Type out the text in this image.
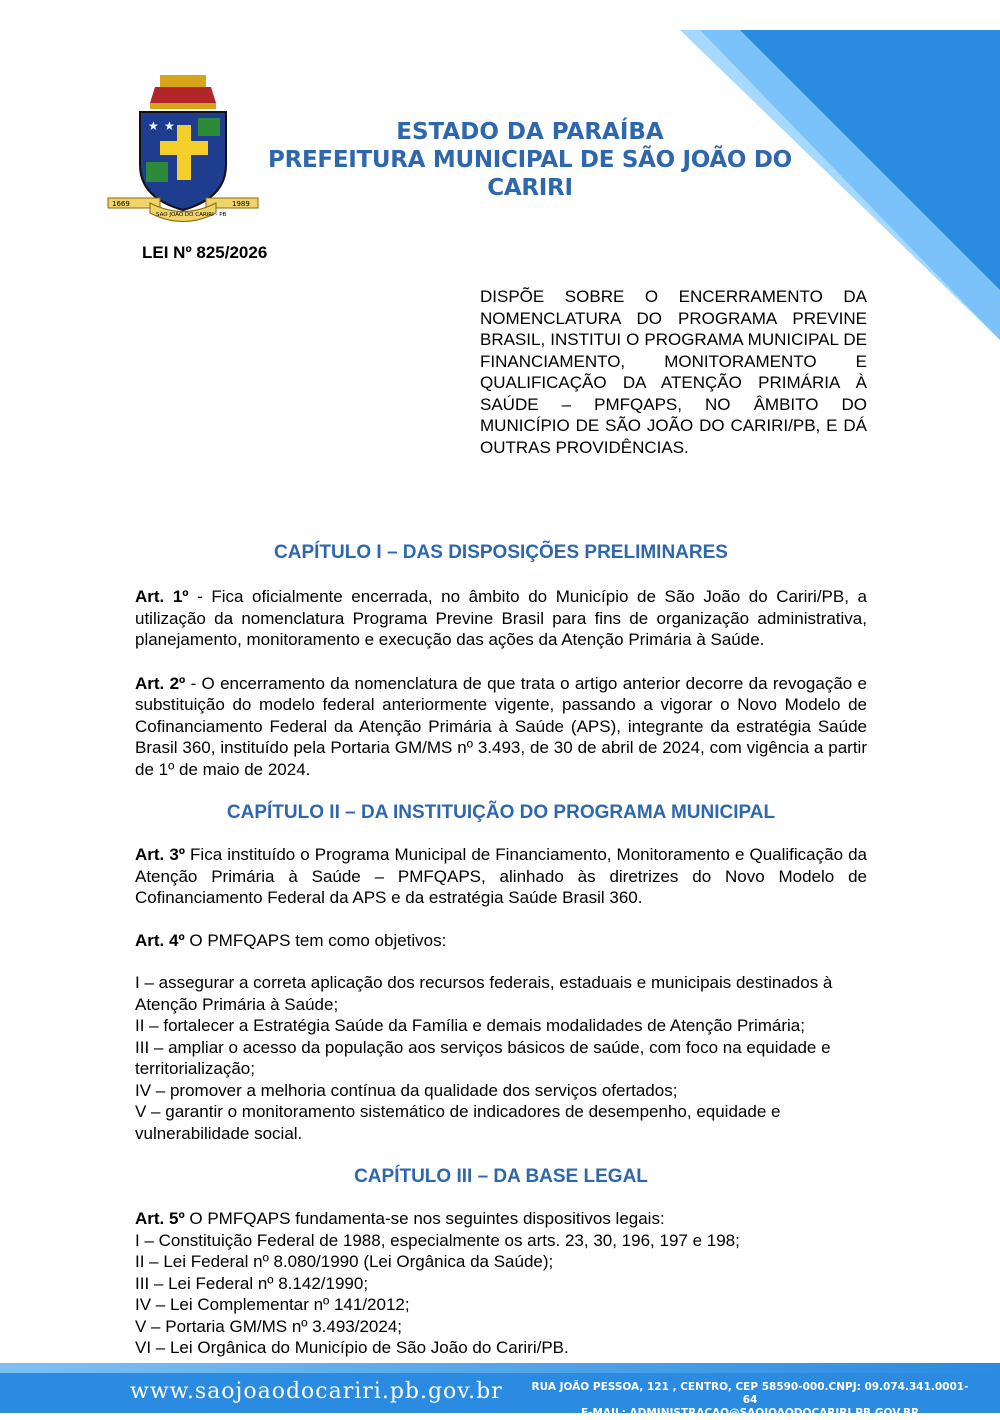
★ ★
1669	1989
SÃO JOÃO DO CARIRI - PB
ESTADO DA PARAÍBA
PREFEITURA MUNICIPAL DE SÃO JOÃO DO CARIRI
LEI Nº 825/2026
DISPÕE SOBRE O ENCERRAMENTO DA NOMENCLATURA DO PROGRAMA PREVINE BRASIL, INSTITUI O PROGRAMA MUNICIPAL DE FINANCIAMENTO, MONITORAMENTO E QUALIFICAÇÃO DA ATENÇÃO PRIMÁRIA À SAÚDE – PMFQAPS, NO ÂMBITO DO MUNICÍPIO DE SÃO JOÃO DO CARIRI/PB, E DÁ OUTRAS PROVIDÊNCIAS.

CAPÍTULO I – DAS DISPOSIÇÕES PRELIMINARES

Art. 1º - Fica oficialmente encerrada, no âmbito do Município de São João do Cariri/PB, a utilização da nomenclatura Programa Previne Brasil para fins de organização administrativa, planejamento, monitoramento e execução das ações da Atenção Primária à Saúde.

Art. 2º - O encerramento da nomenclatura de que trata o artigo anterior decorre da revogação e substituição do modelo federal anteriormente vigente, passando a vigorar o Novo Modelo de Cofinanciamento Federal da Atenção Primária à Saúde (APS), integrante da estratégia Saúde Brasil 360, instituído pela Portaria GM/MS nº 3.493, de 30 de abril de 2024, com vigência a partir de 1º de maio de 2024.

CAPÍTULO II – DA INSTITUIÇÃO DO PROGRAMA MUNICIPAL

Art. 3º Fica instituído o Programa Municipal de Financiamento, Monitoramento e Qualificação da Atenção Primária à Saúde – PMFQAPS, alinhado às diretrizes do Novo Modelo de Cofinanciamento Federal da APS e da estratégia Saúde Brasil 360.

Art. 4º O PMFQAPS tem como objetivos:

I – assegurar a correta aplicação dos recursos federais, estaduais e municipais destinados à Atenção Primária à Saúde;

II – fortalecer a Estratégia Saúde da Família e demais modalidades de Atenção Primária;

III – ampliar o acesso da população aos serviços básicos de saúde, com foco na equidade e territorialização;

IV – promover a melhoria contínua da qualidade dos serviços ofertados;

V – garantir o monitoramento sistemático de indicadores de desempenho, equidade e vulnerabilidade social.

CAPÍTULO III – DA BASE LEGAL

Art. 5º O PMFQAPS fundamenta-se nos seguintes dispositivos legais:

I – Constituição Federal de 1988, especialmente os arts. 23, 30, 196, 197 e 198;

II – Lei Federal nº 8.080/1990 (Lei Orgânica da Saúde);

III – Lei Federal nº 8.142/1990;

IV – Lei Complementar nº 141/2012;

V – Portaria GM/MS nº 3.493/2024;

VI – Lei Orgânica do Município de São João do Cariri/PB.

www.saojoaodocariri.pb.gov.br	RUA JOÃO PESSOA, 121 , CENTRO, CEP 58590-000.CNPJ: 09.074.341.0001-64
E-MAIL: ADMINISTRACAO@SAOJOAODOCARIRI.PB.GOV.BR
